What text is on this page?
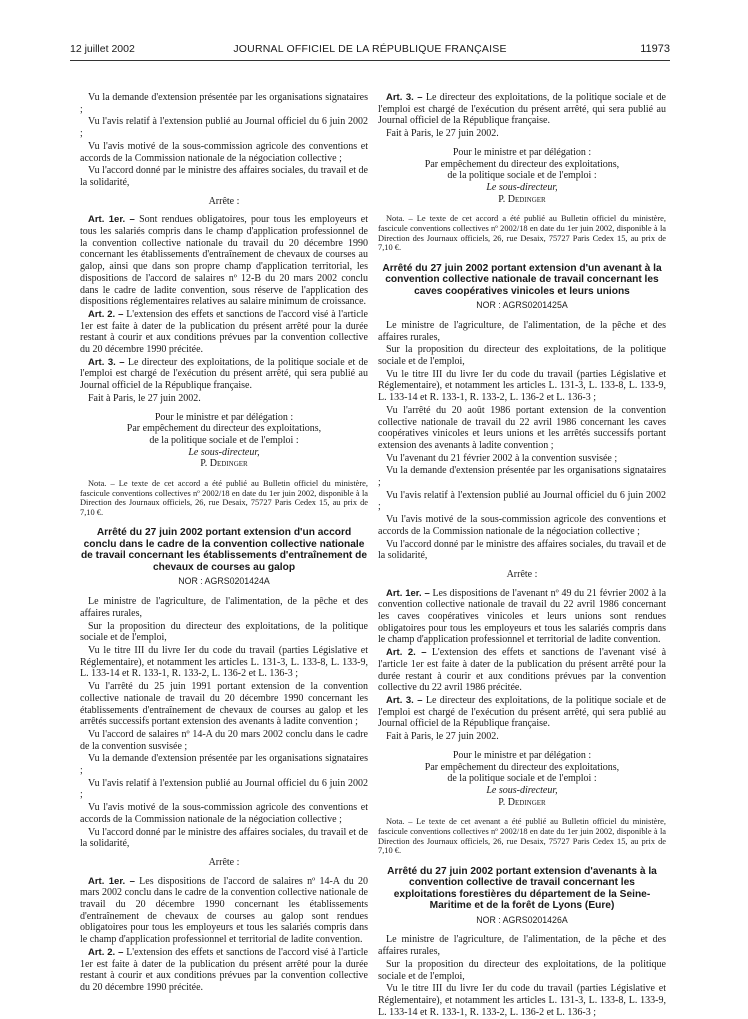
12 juillet 2002	JOURNAL OFFICIEL DE LA RÉPUBLIQUE FRANÇAISE	11973

Vu la demande d'extension présentée par les organisations signataires ;

Vu l'avis relatif à l'extension publié au Journal officiel du 6 juin 2002 ;

Vu l'avis motivé de la sous-commission agricole des conventions et accords de la Commission nationale de la négociation collective ;

Vu l'accord donné par le ministre des affaires sociales, du travail et de la solidarité,

Arrête :

Art. 1er. – Sont rendues obligatoires, pour tous les employeurs et tous les salariés compris dans le champ d'application professionnel de la convention collective nationale du travail du 20 décembre 1990 concernant les établissements d'entraînement de chevaux de courses au galop, ainsi que dans son propre champ d'application territorial, les dispositions de l'accord de salaires nº 12-B du 20 mars 2002 conclu dans le cadre de ladite convention, sous réserve de l'application des dispositions réglementaires relatives au salaire minimum de croissance.

Art. 2. – L'extension des effets et sanctions de l'accord visé à l'article 1er est faite à dater de la publication du présent arrêté pour la durée restant à courir et aux conditions prévues par la convention collective du 20 décembre 1990 précitée.

Art. 3. – Le directeur des exploitations, de la politique sociale et de l'emploi est chargé de l'exécution du présent arrêté, qui sera publié au Journal officiel de la République française.

Fait à Paris, le 27 juin 2002.

Pour le ministre et par délégation :

Par empêchement du directeur des exploitations,

de la politique sociale et de l'emploi :

Le sous-directeur,

P. Dedinger

Nota. – Le texte de cet accord a été publié au Bulletin officiel du ministère, fascicule conventions collectives nº 2002/18 en date du 1er juin 2002, disponible à la Direction des Journaux officiels, 26, rue Desaix, 75727 Paris Cedex 15, au prix de 7,10 €.

Arrêté du 27 juin 2002 portant extension d'un accord conclu dans le cadre de la convention collective nationale de travail concernant les établissements d'entraînement de chevaux de courses au galop
NOR : AGRS0201424A

Le ministre de l'agriculture, de l'alimentation, de la pêche et des affaires rurales,

Sur la proposition du directeur des exploitations, de la politique sociale et de l'emploi,

Vu le titre III du livre Ier du code du travail (parties Législative et Réglementaire), et notamment les articles L. 131-3, L. 133-8, L. 133-9, L. 133-14 et R. 133-1, R. 133-2, L. 136-2 et L. 136-3 ;

Vu l'arrêté du 25 juin 1991 portant extension de la convention collective nationale de travail du 20 décembre 1990 concernant les établissements d'entraînement de chevaux de courses au galop et les arrêtés successifs portant extension des avenants à ladite convention ;

Vu l'accord de salaires nº 14-A du 20 mars 2002 conclu dans le cadre de la convention susvisée ;

Vu la demande d'extension présentée par les organisations signataires ;

Vu l'avis relatif à l'extension publié au Journal officiel du 6 juin 2002 ;

Vu l'avis motivé de la sous-commission agricole des conventions et accords de la Commission nationale de la négociation collective ;

Vu l'accord donné par le ministre des affaires sociales, du travail et de la solidarité,

Arrête :

Art. 1er. – Les dispositions de l'accord de salaires nº 14-A du 20 mars 2002 conclu dans le cadre de la convention collective nationale de travail du 20 décembre 1990 concernant les établissements d'entraînement de chevaux de courses au galop sont rendues obligatoires pour tous les employeurs et tous les salariés compris dans le champ d'application professionnel et territorial de ladite convention.

Art. 2. – L'extension des effets et sanctions de l'accord visé à l'article 1er est faite à dater de la publication du présent arrêté pour la durée restant à courir et aux conditions prévues par la convention collective du 20 décembre 1990 précitée.

Art. 3. – Le directeur des exploitations, de la politique sociale et de l'emploi est chargé de l'exécution du présent arrêté, qui sera publié au Journal officiel de la République française.

Fait à Paris, le 27 juin 2002.

Pour le ministre et par délégation :

Par empêchement du directeur des exploitations,

de la politique sociale et de l'emploi :

Le sous-directeur,

P. Dedinger

Nota. – Le texte de cet accord a été publié au Bulletin officiel du ministère, fascicule conventions collectives nº 2002/18 en date du 1er juin 2002, disponible à la Direction des Journaux officiels, 26, rue Desaix, 75727 Paris Cedex 15, au prix de 7,10 €.

Arrêté du 27 juin 2002 portant extension d'un avenant à la convention collective nationale de travail concernant les caves coopératives vinicoles et leurs unions
NOR : AGRS0201425A

Le ministre de l'agriculture, de l'alimentation, de la pêche et des affaires rurales,

Sur la proposition du directeur des exploitations, de la politique sociale et de l'emploi,

Vu le titre III du livre Ier du code du travail (parties Législative et Réglementaire), et notamment les articles L. 131-3, L. 133-8, L. 133-9, L. 133-14 et R. 133-1, R. 133-2, L. 136-2 et L. 136-3 ;

Vu l'arrêté du 20 août 1986 portant extension de la convention collective nationale de travail du 22 avril 1986 concernant les caves coopératives vinicoles et leurs unions et les arrêtés successifs portant extension des avenants à ladite convention ;

Vu l'avenant du 21 février 2002 à la convention susvisée ;

Vu la demande d'extension présentée par les organisations signataires ;

Vu l'avis relatif à l'extension publié au Journal officiel du 6 juin 2002 ;

Vu l'avis motivé de la sous-commission agricole des conventions et accords de la Commission nationale de la négociation collective ;

Vu l'accord donné par le ministre des affaires sociales, du travail et de la solidarité,

Arrête :

Art. 1er. – Les dispositions de l'avenant nº 49 du 21 février 2002 à la convention collective nationale de travail du 22 avril 1986 concernant les caves coopératives vinicoles et leurs unions sont rendues obligatoires pour tous les employeurs et tous les salariés compris dans le champ d'application professionnel et territorial de ladite convention.

Art. 2. – L'extension des effets et sanctions de l'avenant visé à l'article 1er est faite à dater de la publication du présent arrêté pour la durée restant à courir et aux conditions prévues par la convention collective du 22 avril 1986 précitée.

Art. 3. – Le directeur des exploitations, de la politique sociale et de l'emploi est chargé de l'exécution du présent arrêté, qui sera publié au Journal officiel de la République française.

Fait à Paris, le 27 juin 2002.

Pour le ministre et par délégation :

Par empêchement du directeur des exploitations,

de la politique sociale et de l'emploi :

Le sous-directeur,

P. Dedinger

Nota. – Le texte de cet avenant a été publié au Bulletin officiel du ministère, fascicule conventions collectives nº 2002/18 en date du 1er juin 2002, disponible à la Direction des Journaux officiels, 26, rue Desaix, 75727 Paris Cedex 15, au prix de 7,10 €.

Arrêté du 27 juin 2002 portant extension d'avenants à la convention collective de travail concernant les exploitations forestières du département de la Seine-Maritime et de la forêt de Lyons (Eure)
NOR : AGRS0201426A

Le ministre de l'agriculture, de l'alimentation, de la pêche et des affaires rurales,

Sur la proposition du directeur des exploitations, de la politique sociale et de l'emploi,

Vu le titre III du livre Ier du code du travail (parties Législative et Réglementaire), et notamment les articles L. 131-3, L. 133-8, L. 133-9, L. 133-14 et R. 133-1, R. 133-2, L. 136-2 et L. 136-3 ;
